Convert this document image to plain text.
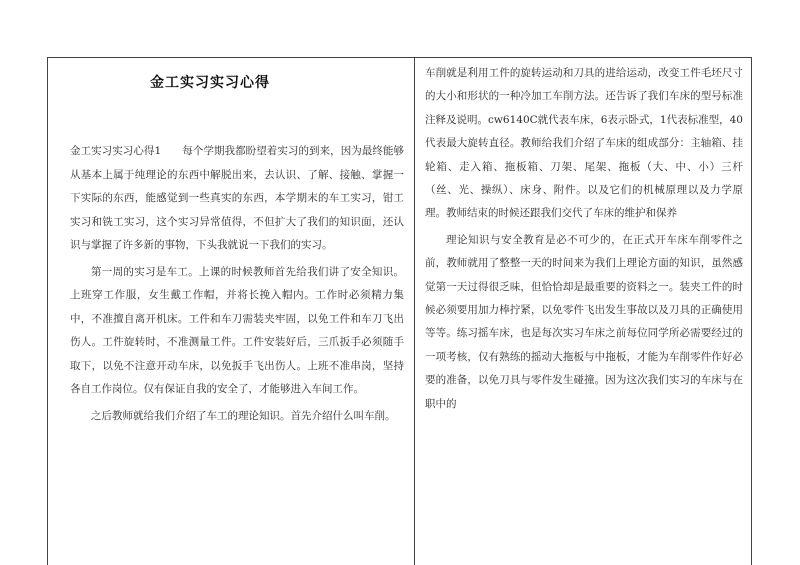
金工实习实习心得

金工实习实习心得1　　每个学期我都盼望着实习的到来，因为最终能够从基本上属于纯理论的东西中解脱出来，去认识、了解、接触、掌握一下实际的东西，能感觉到一些真实的东西，本学期末的车工实习，钳工实习和铣工实习，这个实习异常值得，不但扩大了我们的知识面，还认识与掌握了许多新的事物，下头我就说一下我们的实习。

第一周的实习是车工。上课的时候教师首先给我们讲了安全知识。上班穿工作服，女生戴工作帽，并将长挽入帽内。工作时必须精力集中，不准擅自离开机床。工件和车刀需装夹牢固，以免工件和车刀飞出伤人。工件旋转时，不准测量工件。工件安装好后，三爪扳手必须随手取下，以免不注意开动车床，以免扳手飞出伤人。上班不准串岗，坚持各自工作岗位。仅有保证自我的安全了，才能够进入车间工作。

之后教师就给我们介绍了车工的理论知识。首先介绍什么叫车削。

车削就是利用工件的旋转运动和刀具的进给运动，改变工件毛坯尺寸的大小和形状的一种冷加工车削方法。还告诉了我们车床的型号标准注释及说明。cw6140C就代表车床，6表示卧式，1代表标准型，40代表最大旋转直径。教师给我们介绍了车床的组成部分：主轴箱、挂轮箱、走入箱、拖板箱、刀架、尾架、拖板（大、中、小）三杆（丝、光、操纵）、床身、附件。以及它们的机械原理以及力学原理。教师结束的时候还跟我们交代了车床的维护和保养

理论知识与安全教育是必不可少的，在正式开车床车削零件之前，教师就用了整整一天的时间来为我们上理论方面的知识，虽然感觉第一天过得很乏味，但恰恰却是最重要的资料之一。装夹工件的时候必须要用加力棒拧紧，以免零件飞出发生事故以及刀具的正确使用等等。练习摇车床，也是每次实习车床之前每位同学所必需要经过的一项考核，仅有熟练的摇动大拖板与中拖板，才能为车削零件作好必要的准备，以免刀具与零件发生碰撞。因为这次我们实习的车床与在职中的
